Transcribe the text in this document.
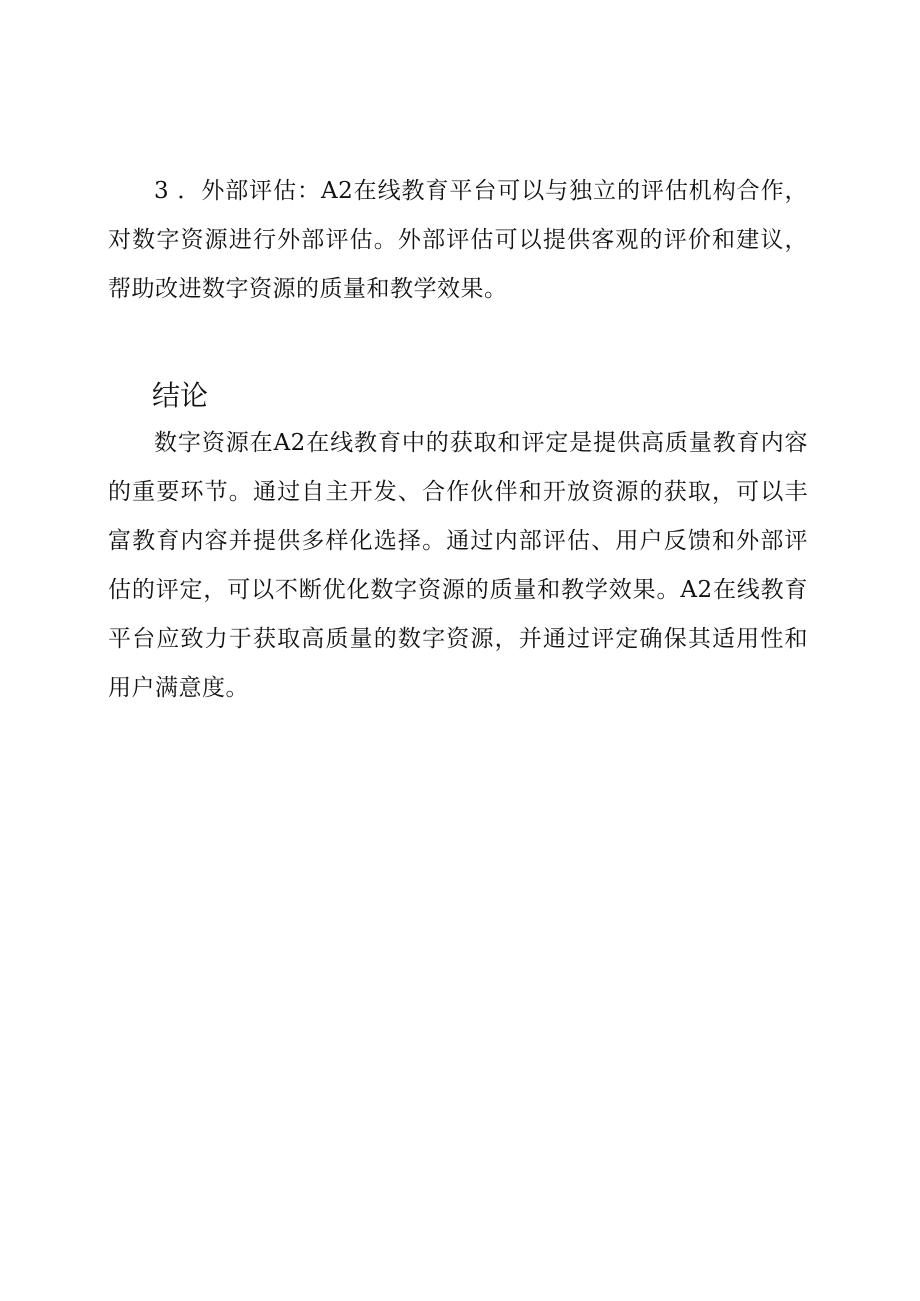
3 ．外部评估：A2在线教育平台可以与独立的评估机构合作，对数字资源进行外部评估。外部评估可以提供客观的评价和建议，帮助改进数字资源的质量和教学效果。

结论

数字资源在A2在线教育中的获取和评定是提供高质量教育内容的重要环节。通过自主开发、合作伙伴和开放资源的获取，可以丰富教育内容并提供多样化选择。通过内部评估、用户反馈和外部评估的评定，可以不断优化数字资源的质量和教学效果。A2在线教育平台应致力于获取高质量的数字资源，并通过评定确保其适用性和用户满意度。
